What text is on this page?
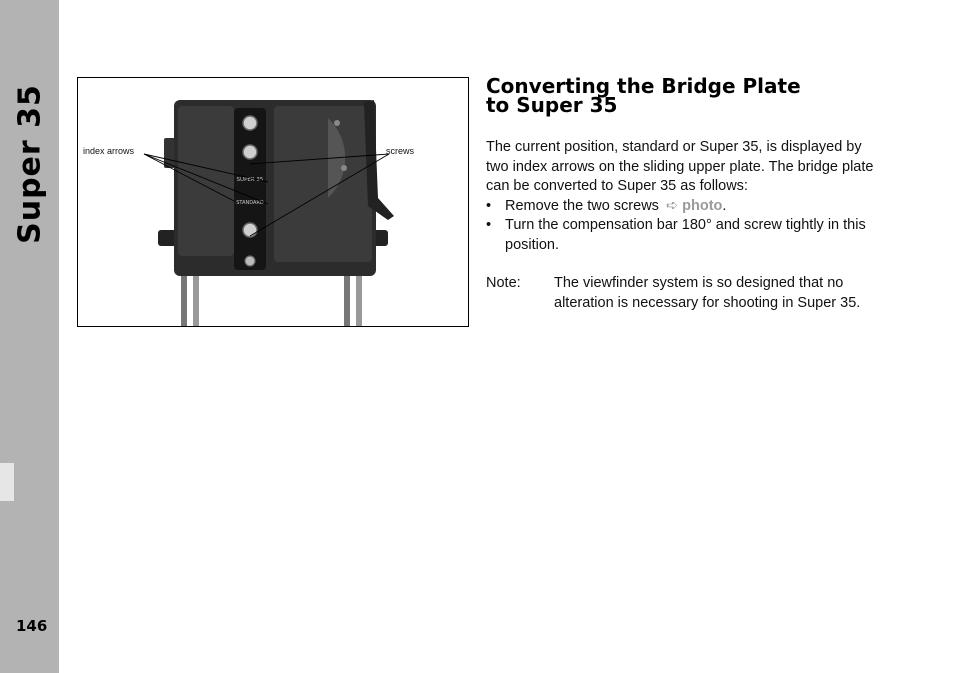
Super 35
146
SUPER 35
STANDARD
index arrows	screws
Converting the Bridge Plate
to Super 35

The current position, standard or Super 35, is displayed by two index arrows on the sliding upper plate. The bridge plate can be converted to Super 35 as follows:

• Remove the two screws ➪ photo.
• Turn the compensation bar 180° and screw tightly in this position.
Note:	The viewfinder system is so designed that no alteration is necessary for shooting in Super 35.
